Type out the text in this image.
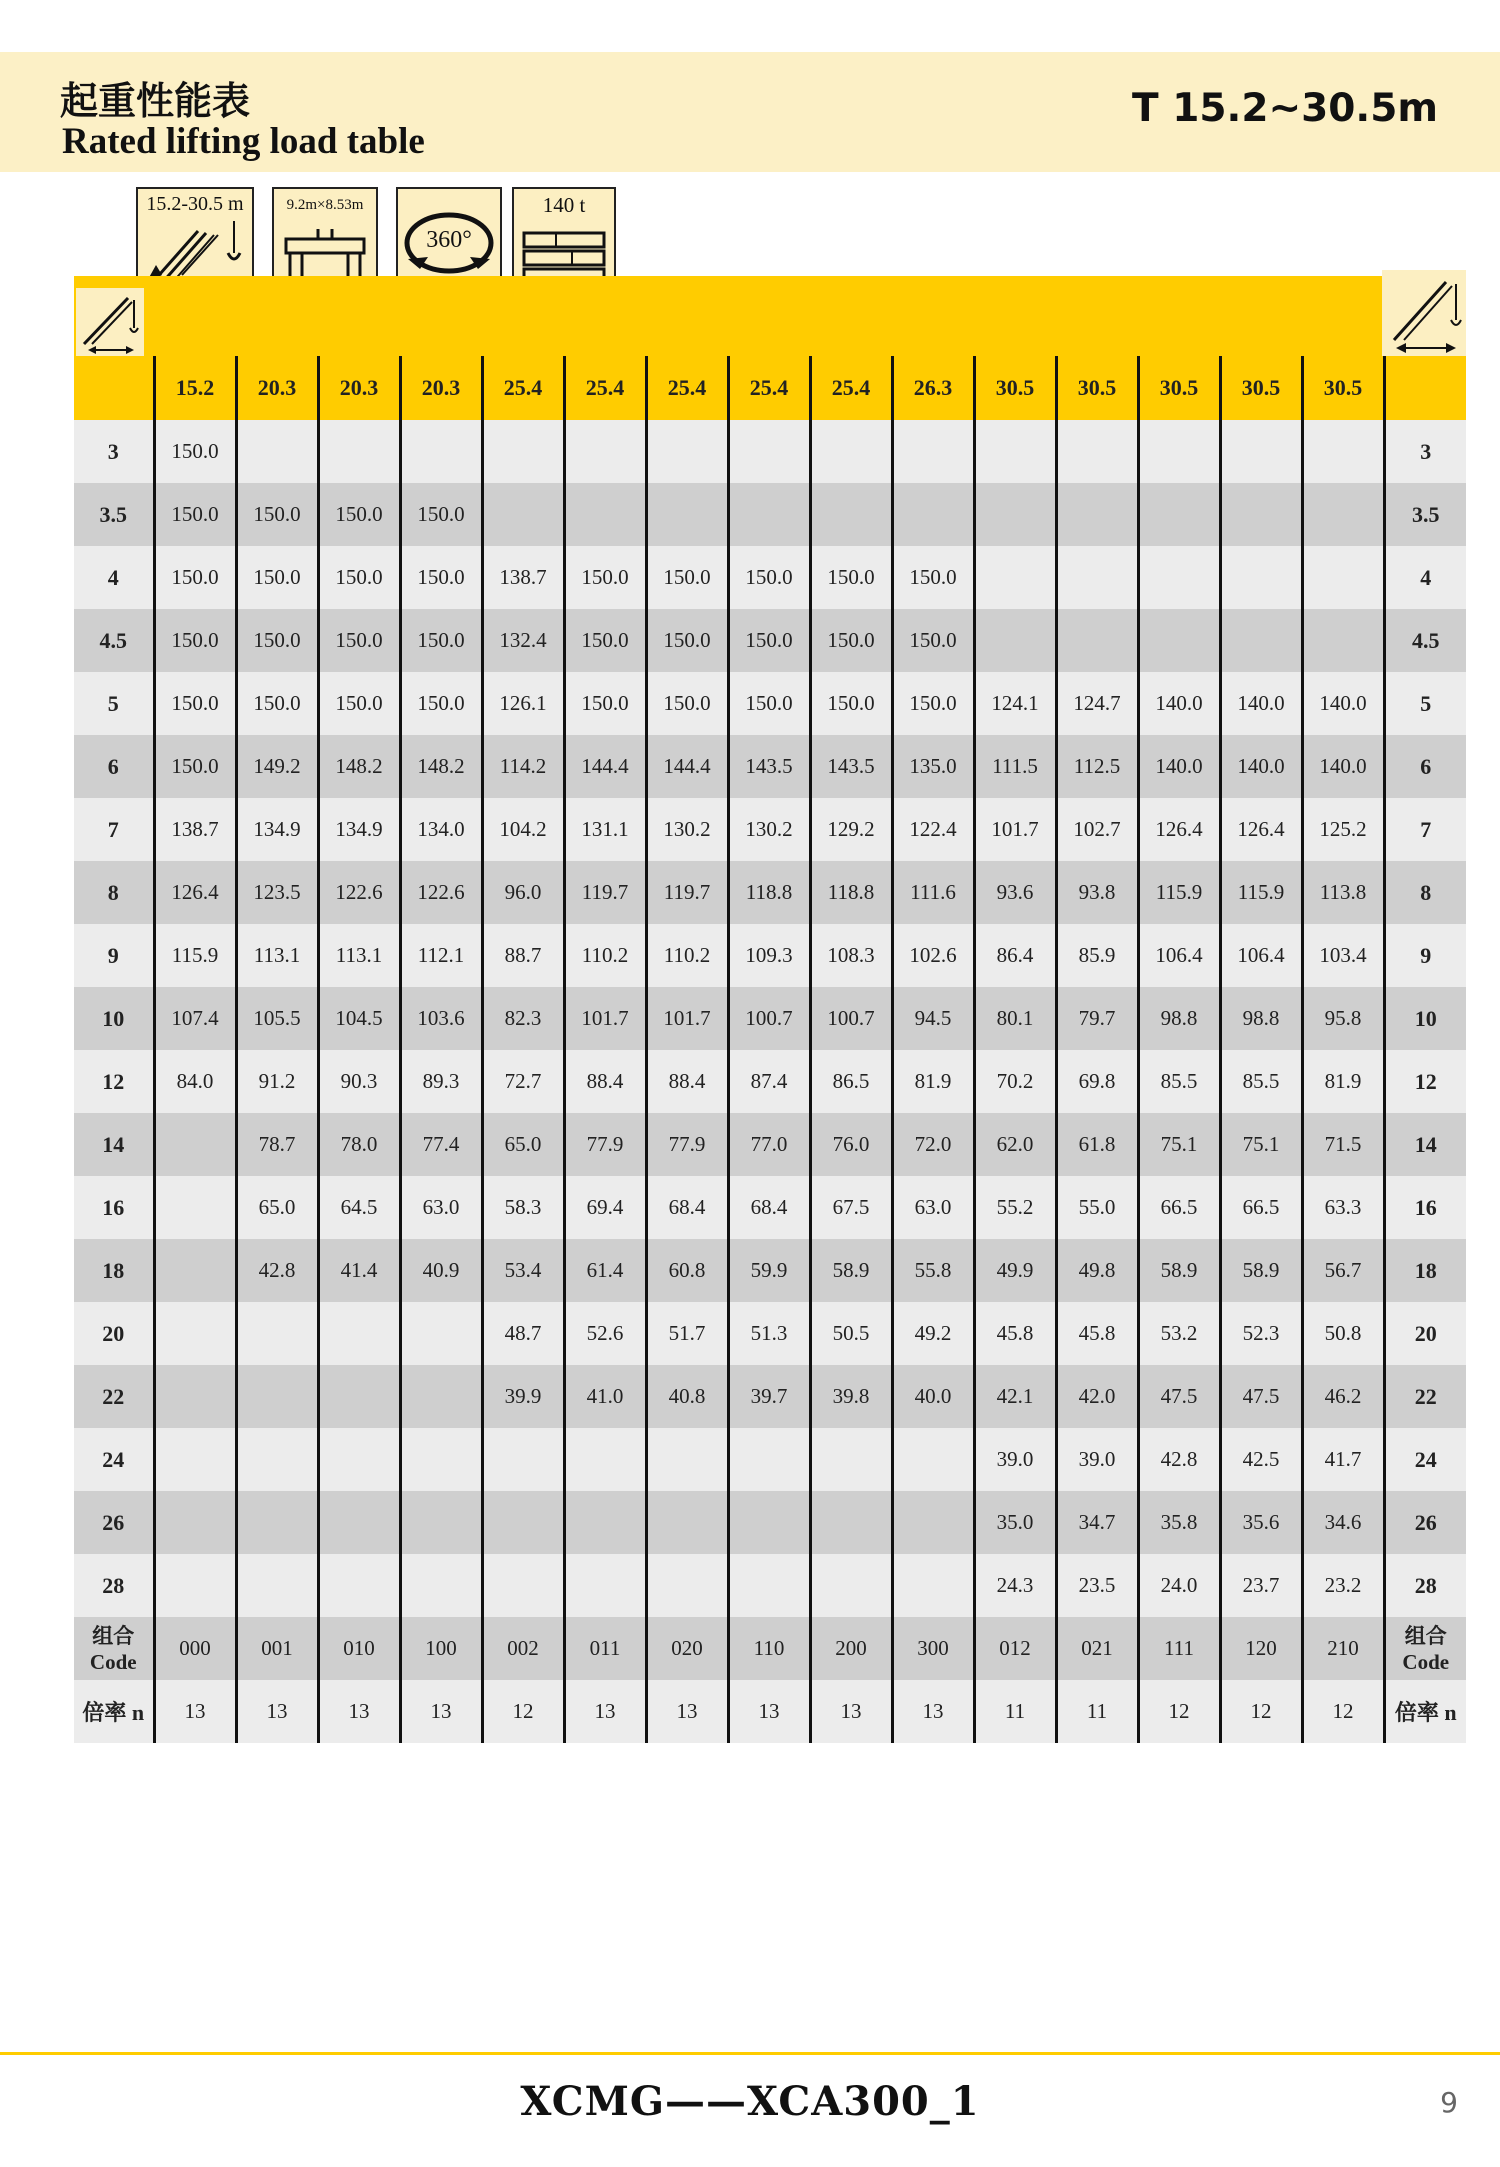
起重性能表
Rated lifting load table
T 15.2~30.5m
15.2-30.5 m	9.2m×8.53m
360°
140 t
	15.2	20.3	20.3	20.3	25.4	25.4	25.4	25.4	25.4	26.3	30.5	30.5	30.5	30.5	30.5	
3	150.0															3
3.5	150.0	150.0	150.0	150.0												3.5
4	150.0	150.0	150.0	150.0	138.7	150.0	150.0	150.0	150.0	150.0						4
4.5	150.0	150.0	150.0	150.0	132.4	150.0	150.0	150.0	150.0	150.0						4.5
5	150.0	150.0	150.0	150.0	126.1	150.0	150.0	150.0	150.0	150.0	124.1	124.7	140.0	140.0	140.0	5
6	150.0	149.2	148.2	148.2	114.2	144.4	144.4	143.5	143.5	135.0	111.5	112.5	140.0	140.0	140.0	6
7	138.7	134.9	134.9	134.0	104.2	131.1	130.2	130.2	129.2	122.4	101.7	102.7	126.4	126.4	125.2	7
8	126.4	123.5	122.6	122.6	96.0	119.7	119.7	118.8	118.8	111.6	93.6	93.8	115.9	115.9	113.8	8
9	115.9	113.1	113.1	112.1	88.7	110.2	110.2	109.3	108.3	102.6	86.4	85.9	106.4	106.4	103.4	9
10	107.4	105.5	104.5	103.6	82.3	101.7	101.7	100.7	100.7	94.5	80.1	79.7	98.8	98.8	95.8	10
12	84.0	91.2	90.3	89.3	72.7	88.4	88.4	87.4	86.5	81.9	70.2	69.8	85.5	85.5	81.9	12
14		78.7	78.0	77.4	65.0	77.9	77.9	77.0	76.0	72.0	62.0	61.8	75.1	75.1	71.5	14
16		65.0	64.5	63.0	58.3	69.4	68.4	68.4	67.5	63.0	55.2	55.0	66.5	66.5	63.3	16
18		42.8	41.4	40.9	53.4	61.4	60.8	59.9	58.9	55.8	49.9	49.8	58.9	58.9	56.7	18
20					48.7	52.6	51.7	51.3	50.5	49.2	45.8	45.8	53.2	52.3	50.8	20
22					39.9	41.0	40.8	39.7	39.8	40.0	42.1	42.0	47.5	47.5	46.2	22
24											39.0	39.0	42.8	42.5	41.7	24
26											35.0	34.7	35.8	35.6	34.6	26
28											24.3	23.5	24.0	23.7	23.2	28

组合
Code	000	001	010	100	002	011	020	110	200	300	012	021	111	120	210	组合
Code

倍率 n	13	13	13	13	12	13	13	13	13	13	11	11	12	12	12	倍率 n
XCMG——XCA300_1	9
